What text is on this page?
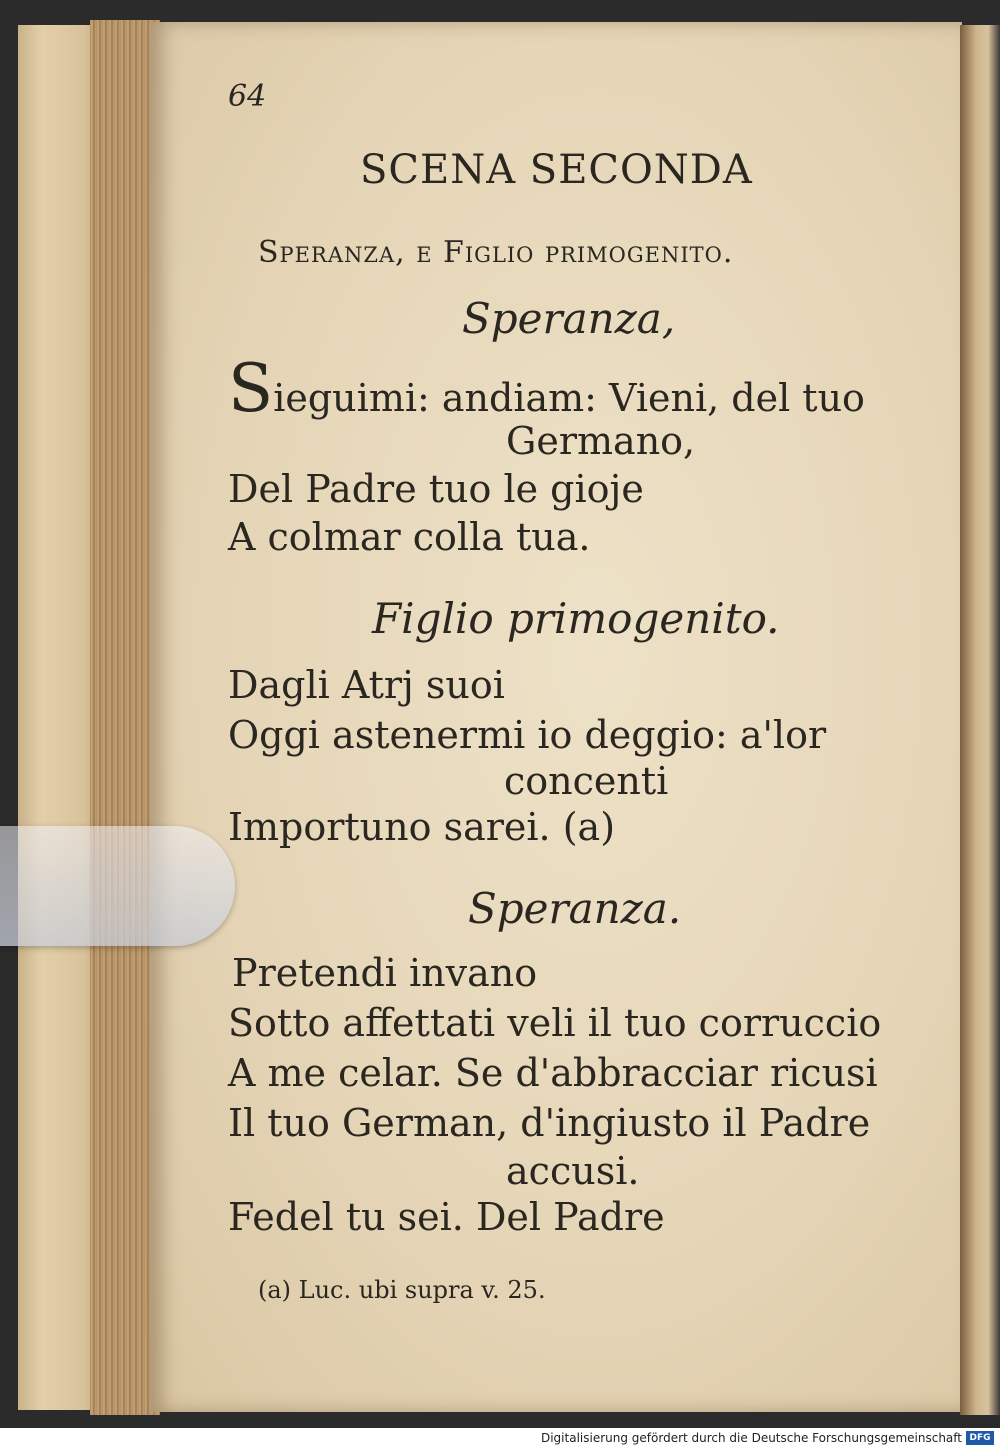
64
SCENA SECONDA
Speranza, e Figlio primogenito.
Speranza,
Sieguimi: andiam: Vieni, del tuo
Germano,
Del Padre tuo le gioje
A colmar colla tua.
Figlio primogenito.
Dagli Atrj suoi
Oggi astenermi io deggio: a'lor
concenti
Importuno sarei. (a)
Speranza.
Pretendi invano
Sotto affettati veli il tuo corruccio
A me celar. Se d'abbracciar ricusi
Il tuo German, d'ingiusto il Padre
accusi.
Fedel tu sei. Del Padre
(a) Luc. ubi supra v. 25.
Digitalisierung gefördert durch die Deutsche Forschungsgemeinschaft DFG
